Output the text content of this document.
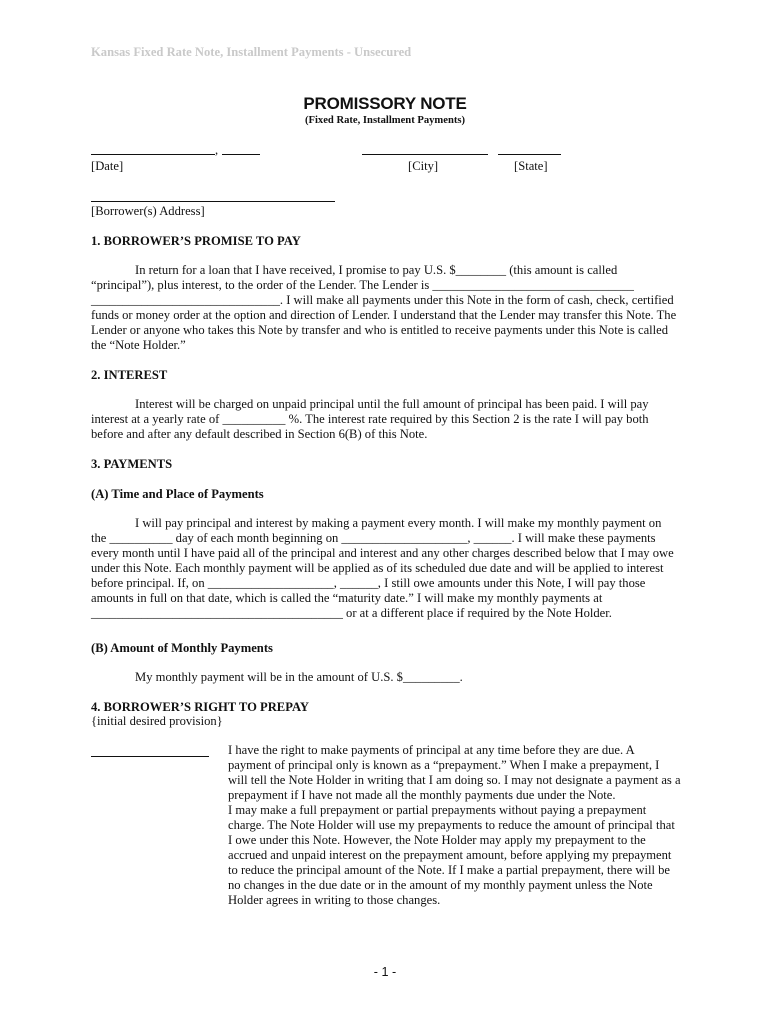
Kansas Fixed Rate Note, Installment Payments - Unsecured
PROMISSORY NOTE
(Fixed Rate, Installment Payments)
,
[Date]	[City]	[State]
[Borrower(s) Address]
1. BORROWER’S PROMISE TO PAY
In return for a loan that I have received, I promise to pay U.S. $________ (this amount is called
“principal”), plus interest, to the order of the Lender. The Lender is ________________________________
______________________________. I will make all payments under this Note in the form of cash, check, certified
funds or money order at the option and direction of Lender. I understand that the Lender may transfer this Note. The
Lender or anyone who takes this Note by transfer and who is entitled to receive payments under this Note is called
the “Note Holder.”
2. INTEREST
Interest will be charged on unpaid principal until the full amount of principal has been paid. I will pay
interest at a yearly rate of __________ %. The interest rate required by this Section 2 is the rate I will pay both
before and after any default described in Section 6(B) of this Note.
3. PAYMENTS
(A) Time and Place of Payments
I will pay principal and interest by making a payment every month. I will make my monthly payment on
the __________ day of each month beginning on ____________________, ______. I will make these payments
every month until I have paid all of the principal and interest and any other charges described below that I may owe
under this Note. Each monthly payment will be applied as of its scheduled due date and will be applied to interest
before principal. If, on ____________________, ______, I still owe amounts under this Note, I will pay those
amounts in full on that date, which is called the “maturity date.” I will make my monthly payments at
________________________________________ or at a different place if required by the Note Holder.
(B) Amount of Monthly Payments
My monthly payment will be in the amount of U.S. $_________.
4. BORROWER’S RIGHT TO PREPAY
{initial desired provision}
I have the right to make payments of principal at any time before they are due. A
payment of principal only is known as a “prepayment.” When I make a prepayment, I
will tell the Note Holder in writing that I am doing so. I may not designate a payment as a
prepayment if I have not made all the monthly payments due under the Note.
I may make a full prepayment or partial prepayments without paying a prepayment
charge. The Note Holder will use my prepayments to reduce the amount of principal that
I owe under this Note. However, the Note Holder may apply my prepayment to the
accrued and unpaid interest on the prepayment amount, before applying my prepayment
to reduce the principal amount of the Note. If I make a partial prepayment, there will be
no changes in the due date or in the amount of my monthly payment unless the Note
Holder agrees in writing to those changes.
- 1 -
